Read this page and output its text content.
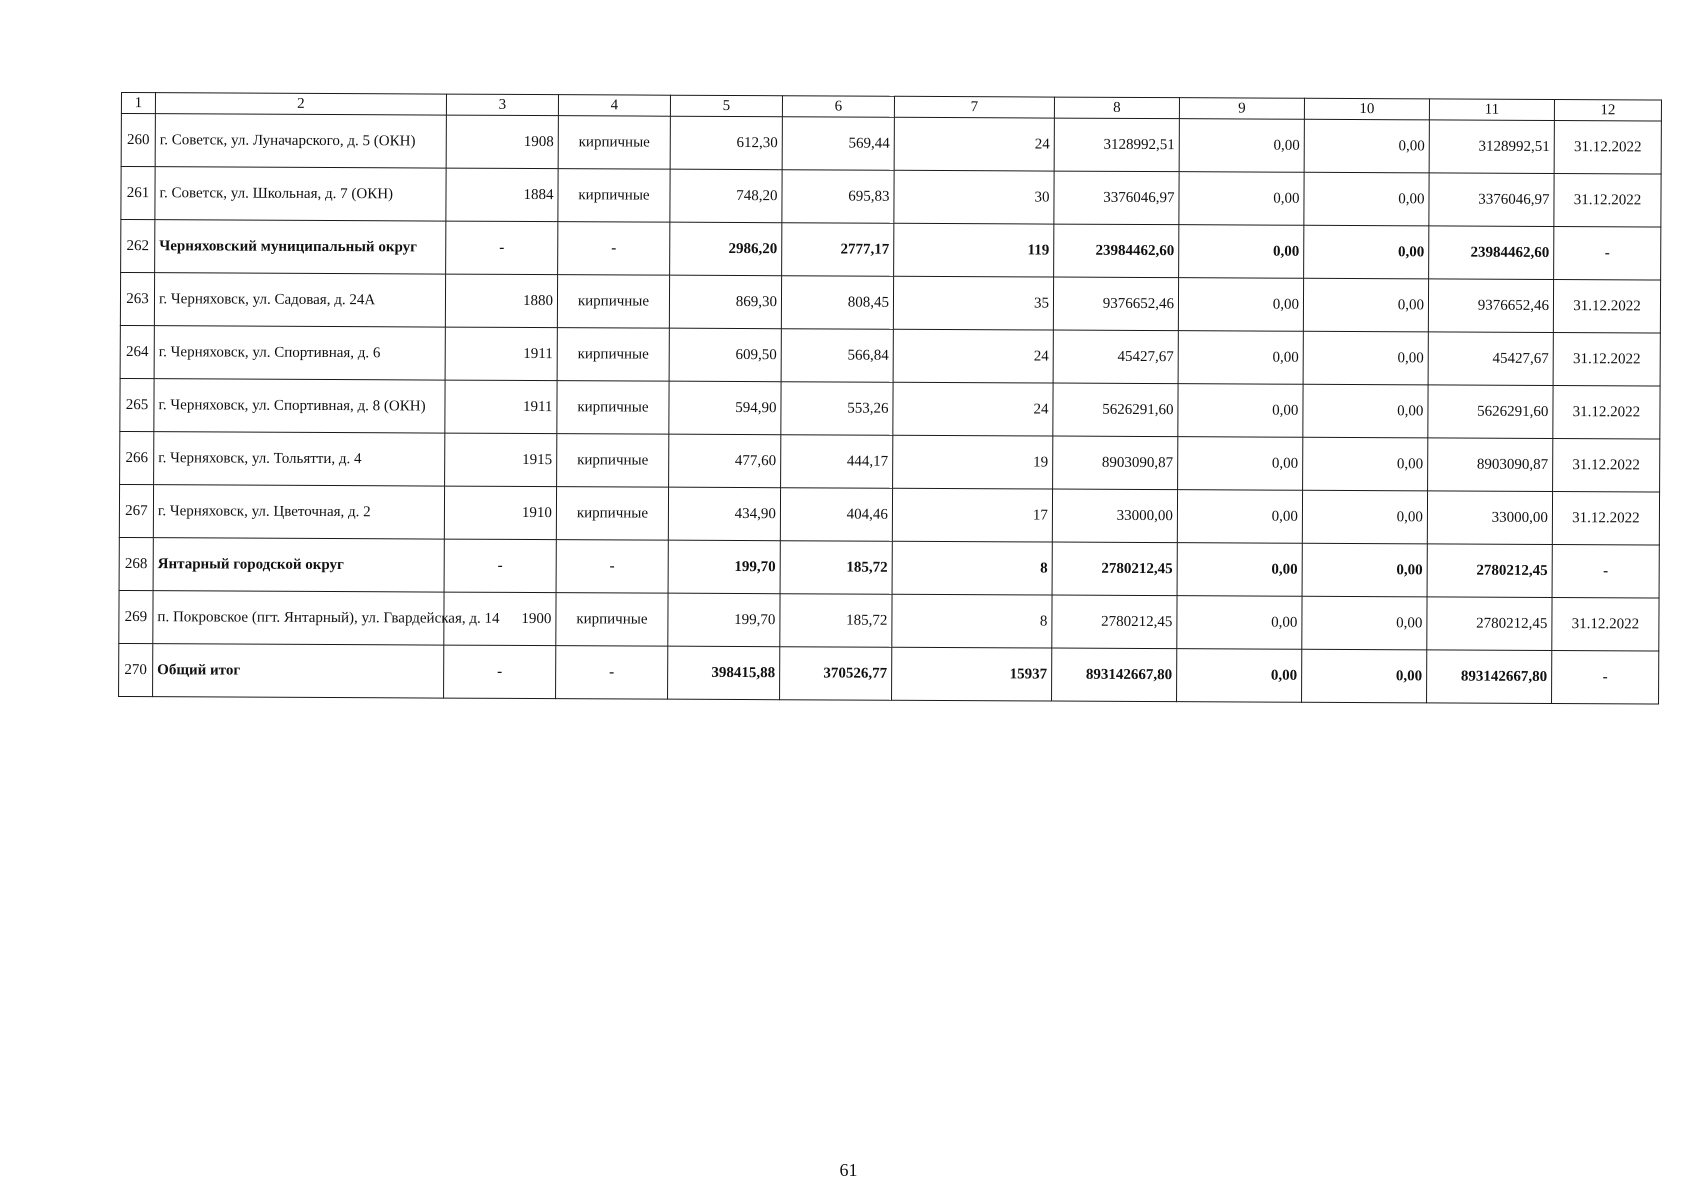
1	2	3	4	5	6	7	8	9	10	11	12
260	г. Советск, ул. Луначарского, д. 5 (ОКН)	1908	кирпичные	612,30	569,44	24	3128992,51	0,00	0,00	3128992,51	31.12.2022
261	г. Советск, ул. Школьная, д. 7 (ОКН)	1884	кирпичные	748,20	695,83	30	3376046,97	0,00	0,00	3376046,97	31.12.2022
262	Черняховский муниципальный округ	-	-	2986,20	2777,17	119	23984462,60	0,00	0,00	23984462,60	-
263	г. Черняховск, ул. Садовая, д. 24А	1880	кирпичные	869,30	808,45	35	9376652,46	0,00	0,00	9376652,46	31.12.2022
264	г. Черняховск, ул. Спортивная, д. 6	1911	кирпичные	609,50	566,84	24	45427,67	0,00	0,00	45427,67	31.12.2022
265	г. Черняховск, ул. Спортивная, д. 8 (ОКН)	1911	кирпичные	594,90	553,26	24	5626291,60	0,00	0,00	5626291,60	31.12.2022
266	г. Черняховск, ул. Тольятти, д. 4	1915	кирпичные	477,60	444,17	19	8903090,87	0,00	0,00	8903090,87	31.12.2022
267	г. Черняховск, ул. Цветочная, д. 2	1910	кирпичные	434,90	404,46	17	33000,00	0,00	0,00	33000,00	31.12.2022
268	Янтарный городской округ	-	-	199,70	185,72	8	2780212,45	0,00	0,00	2780212,45	-
269	п. Покровское (пгт. Янтарный), ул. Гвардейская, д. 14	1900	кирпичные	199,70	185,72	8	2780212,45	0,00	0,00	2780212,45	31.12.2022
270	Общий итог	-	-	398415,88	370526,77	15937	893142667,80	0,00	0,00	893142667,80	-
61
